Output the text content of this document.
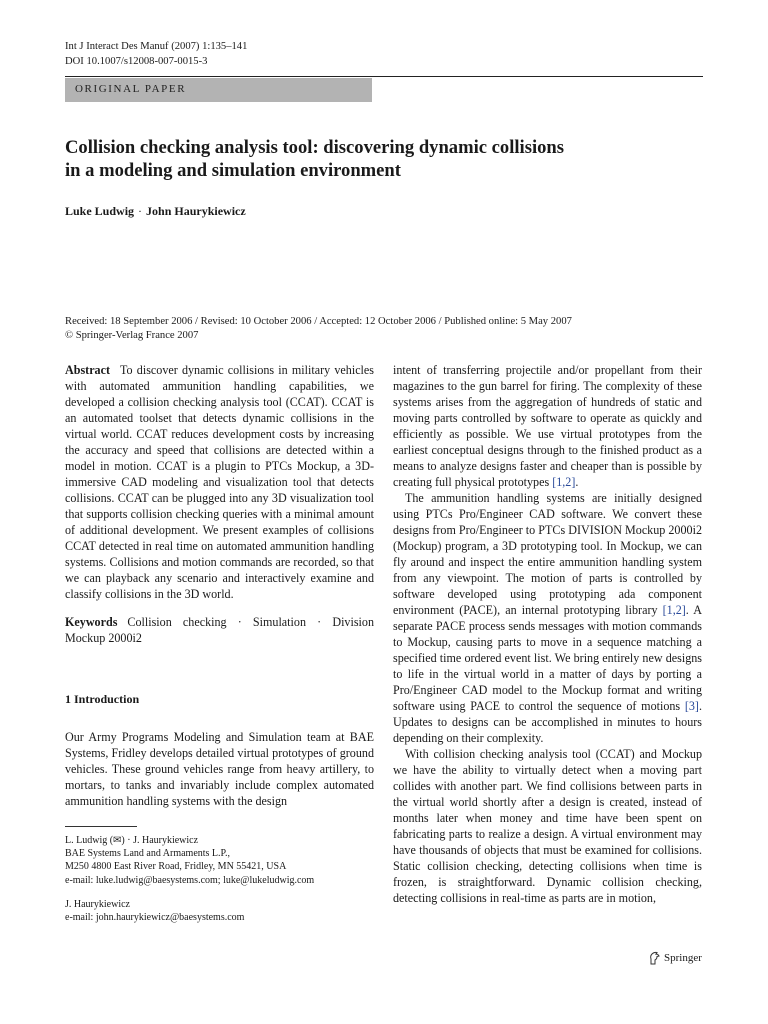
Int J Interact Des Manuf (2007) 1:135–141
DOI 10.1007/s12008-007-0015-3
ORIGINAL PAPER
Collision checking analysis tool: discovering dynamic collisions
in a modeling and simulation environment
Luke Ludwig · John Haurykiewicz
Received: 18 September 2006 / Revised: 10 October 2006 / Accepted: 12 October 2006 / Published online: 5 May 2007
© Springer-Verlag France 2007

Abstract To discover dynamic collisions in military vehicles with automated ammunition handling capabilities, we developed a collision checking analysis tool (CCAT). CCAT is an automated toolset that detects dynamic collisions in the virtual world. CCAT reduces development costs by increasing the accuracy and speed that collisions are detected within a model in motion. CCAT is a plugin to PTCs Mockup, a 3D-immersive CAD modeling and visualization tool that detects collisions. CCAT can be plugged into any 3D visualization tool that supports collision checking queries with a minimal amount of additional development. We present examples of collisions CCAT detected in real time on automated ammunition handling systems. Collisions and motion commands are recorded, so that we can playback any scenario and interactively examine and classify collisions in the 3D world.

Keywords Collision checking · Simulation · Division Mockup 2000i2

1 Introduction

Our Army Programs Modeling and Simulation team at BAE Systems, Fridley develops detailed virtual prototypes of ground vehicles. These ground vehicles range from heavy artillery, to mortars, to tanks and invariably include complex automated ammunition handling systems with the design

intent of transferring projectile and/or propellant from their magazines to the gun barrel for firing. The complexity of these systems arises from the aggregation of hundreds of static and moving parts controlled by software to operate as quickly and efficiently as possible. We use virtual prototypes from the earliest conceptual designs through to the finished product as a means to analyze designs faster and cheaper than is possible by creating full physical prototypes [1,2].

The ammunition handling systems are initially designed using PTCs Pro/Engineer CAD software. We convert these designs from Pro/Engineer to PTCs DIVISION Mockup 2000i2 (Mockup) program, a 3D prototyping tool. In Mockup, we can fly around and inspect the entire ammunition handling system from any viewpoint. The motion of parts is controlled by software developed using prototyping ada component environment (PACE), an internal prototyping library [1,2]. A separate PACE process sends messages with motion commands to Mockup, causing parts to move in a sequence matching a specified time ordered event list. We bring entirely new designs to life in the virtual world in a matter of days by porting a Pro/Engineer CAD model to the Mockup format and writing software using PACE to control the sequence of motions [3]. Updates to designs can be accomplished in minutes to hours depending on their complexity.

With collision checking analysis tool (CCAT) and Mockup we have the ability to virtually detect when a moving part collides with another part. We find collisions between parts in the virtual world shortly after a design is created, instead of months later when money and time have been spent on fabricating parts to realize a design. A virtual environment may have thousands of objects that must be examined for collisions. Static collision checking, detecting collisions when time is frozen, is straightforward. Dynamic collision checking, detecting collisions in real-time as parts are in motion,

L. Ludwig (✉) · J. Haurykiewicz
BAE Systems Land and Armaments L.P.,
M250 4800 East River Road, Fridley, MN 55421, USA
e-mail: luke.ludwig@baesystems.com; luke@lukeludwig.com
J. Haurykiewicz
e-mail: john.haurykiewicz@baesystems.com
Springer
